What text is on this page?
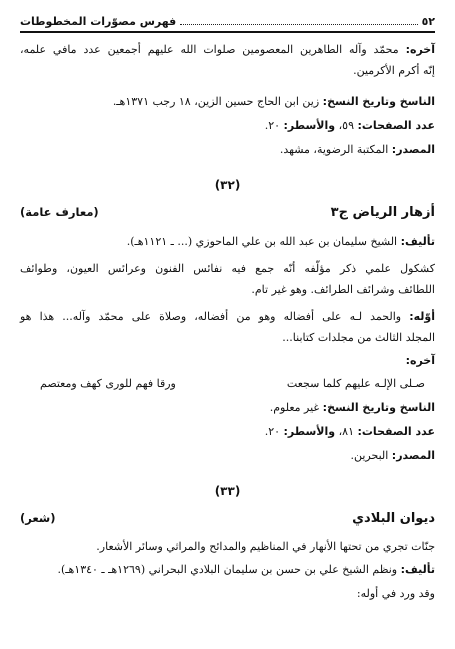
٥٢
فهرس مصوّرات المخطوطات
آخره: محمّد وآله الطاهرين المعصومين صلوات الله عليهم أجمعين عدد مافي علمه،
إنّه أكرم الأكرمين.
الناسخ وتاريخ النسخ: زين ابن الحاج حسين الزين، ١٨ رجب ١٣٧١هـ.
عدد الصفحات: ٥٩، والأسطر: ٢٠.
المصدر: المكتبة الرضوية، مشهد.
(٣٢)
أزهار الرياض ج٣
(معارف عامة)
تأليف: الشيخ سليمان بن عبد الله بن علي الماحوزي (... ـ ١١٢١هـ).
كشكول علمي ذكر مؤلّفه أنّه جمع فيه نفائس الفنون وعرائس العيون، وطوائف
اللطائف وشرائف الطرائف. وهو غير تام.
أوّله: والحمد لـه على أفضاله وهو من أفضاله، وصلاة على محمّد وآله... هذا هو
المجلد الثالث من مجلدات كتابنا...
آخره:
صـلى الإلـه عليهم كلما سجعت
ورقا فهم للورى كهف ومعتصم
الناسخ وتاريخ النسخ: غير معلوم.
عدد الصفحات: ٨١، والأسطر: ٢٠.
المصدر: البحرين.
(٣٣)
ديوان البلادي
(شعر)
جنّات تجري من تحتها الأنهار في المناظيم والمدائح والمراثي وسائر الأشعار.
تأليف: ونظم الشيخ علي بن حسن بن سليمان البلادي البحراني (١٢٦٩هـ ـ ١٣٤٠هـ).
وقد ورد في أوله:
